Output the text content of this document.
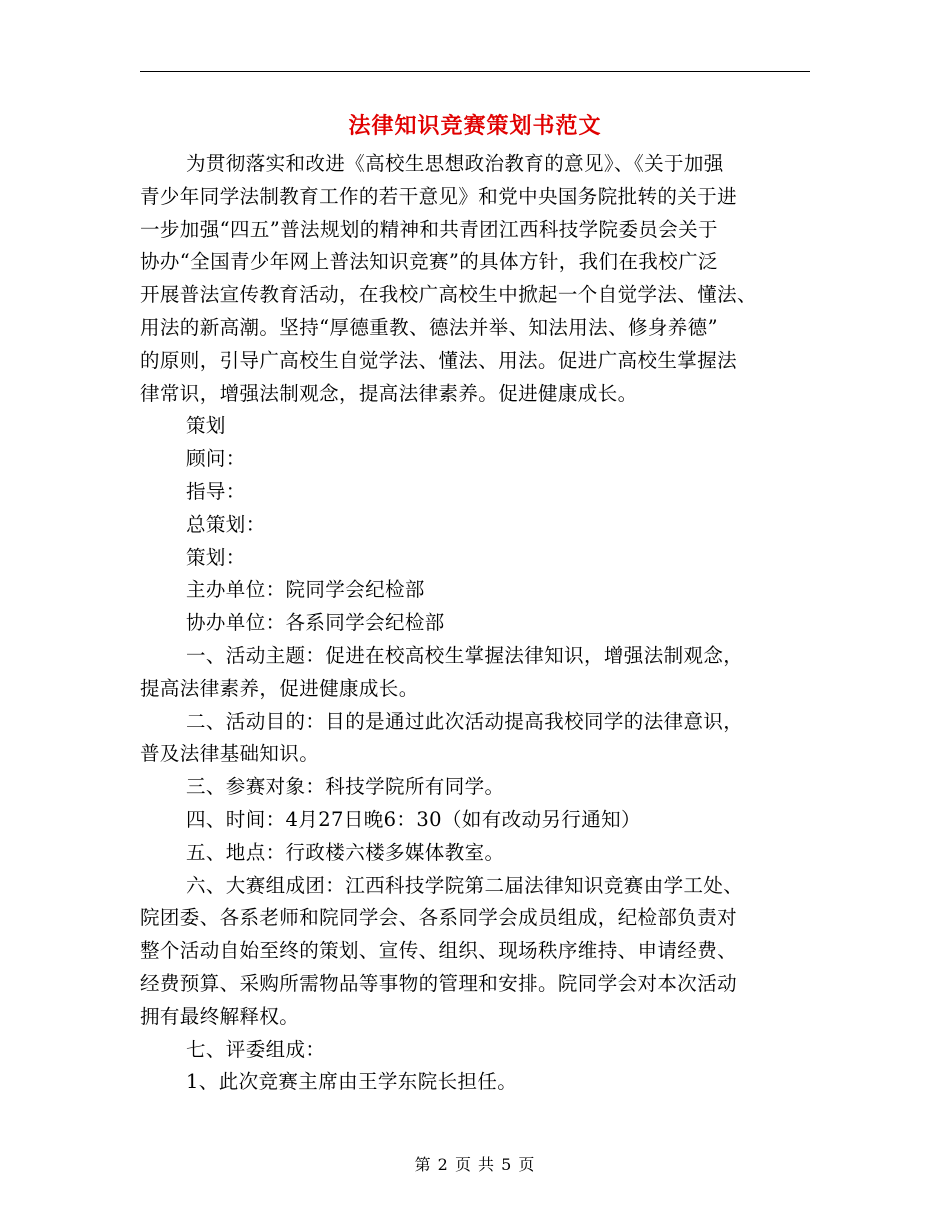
法律知识竞赛策划书范文
为贯彻落实和改进《高校生思想政治教育的意见》、《关于加强
青少年同学法制教育工作的若干意见》和党中央国务院批转的关于进
一步加强“四五”普法规划的精神和共青团江西科技学院委员会关于
协办“全国青少年网上普法知识竞赛”的具体方针，我们在我校广泛
开展普法宣传教育活动，在我校广高校生中掀起一个自觉学法、懂法、
用法的新高潮。坚持“厚德重教、德法并举、知法用法、修身养德”
的原则，引导广高校生自觉学法、懂法、用法。促进广高校生掌握法
律常识，增强法制观念，提高法律素养。促进健康成长。
策划
顾问：
指导：
总策划：
策划：
主办单位：院同学会纪检部
协办单位：各系同学会纪检部
一、活动主题：促进在校高校生掌握法律知识，增强法制观念，
提高法律素养，促进健康成长。
二、活动目的：目的是通过此次活动提高我校同学的法律意识，
普及法律基础知识。
三、参赛对象：科技学院所有同学。
四、时间：4月27日晚6：30（如有改动另行通知）
五、地点：行政楼六楼多媒体教室。
六、大赛组成团：江西科技学院第二届法律知识竞赛由学工处、
院团委、各系老师和院同学会、各系同学会成员组成，纪检部负责对
整个活动自始至终的策划、宣传、组织、现场秩序维持、申请经费、
经费预算、采购所需物品等事物的管理和安排。院同学会对本次活动
拥有最终解释权。
七、评委组成：
1、此次竞赛主席由王学东院长担任。
第 2 页 共 5 页
